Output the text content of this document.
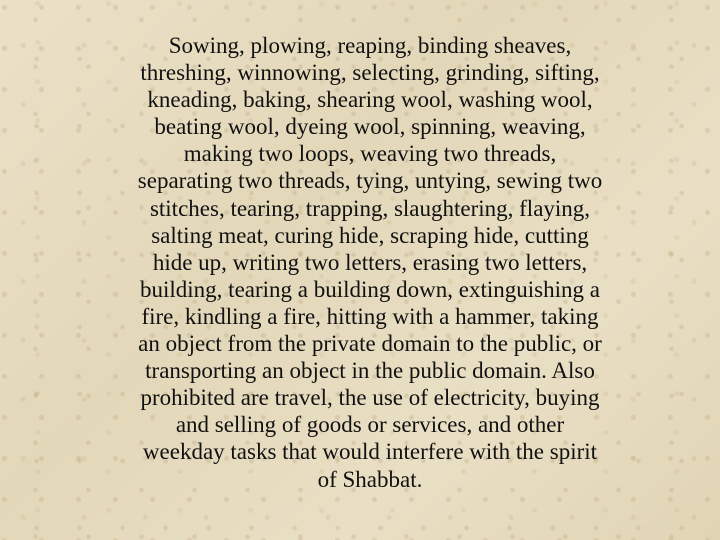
Sowing, plowing, reaping, binding sheaves,
threshing, winnowing, selecting, grinding, sifting,
kneading, baking, shearing wool, washing wool,
beating wool, dyeing wool, spinning, weaving,
making two loops, weaving two threads,
separating two threads, tying, untying, sewing two
stitches, tearing, trapping, slaughtering, flaying,
salting meat, curing hide, scraping hide, cutting
hide up, writing two letters, erasing two letters,
building, tearing a building down, extinguishing a
fire, kindling a fire, hitting with a hammer, taking
an object from the private domain to the public, or
transporting an object in the public domain. Also
prohibited are travel, the use of electricity, buying
and selling of goods or services, and other
weekday tasks that would interfere with the spirit
of Shabbat.
